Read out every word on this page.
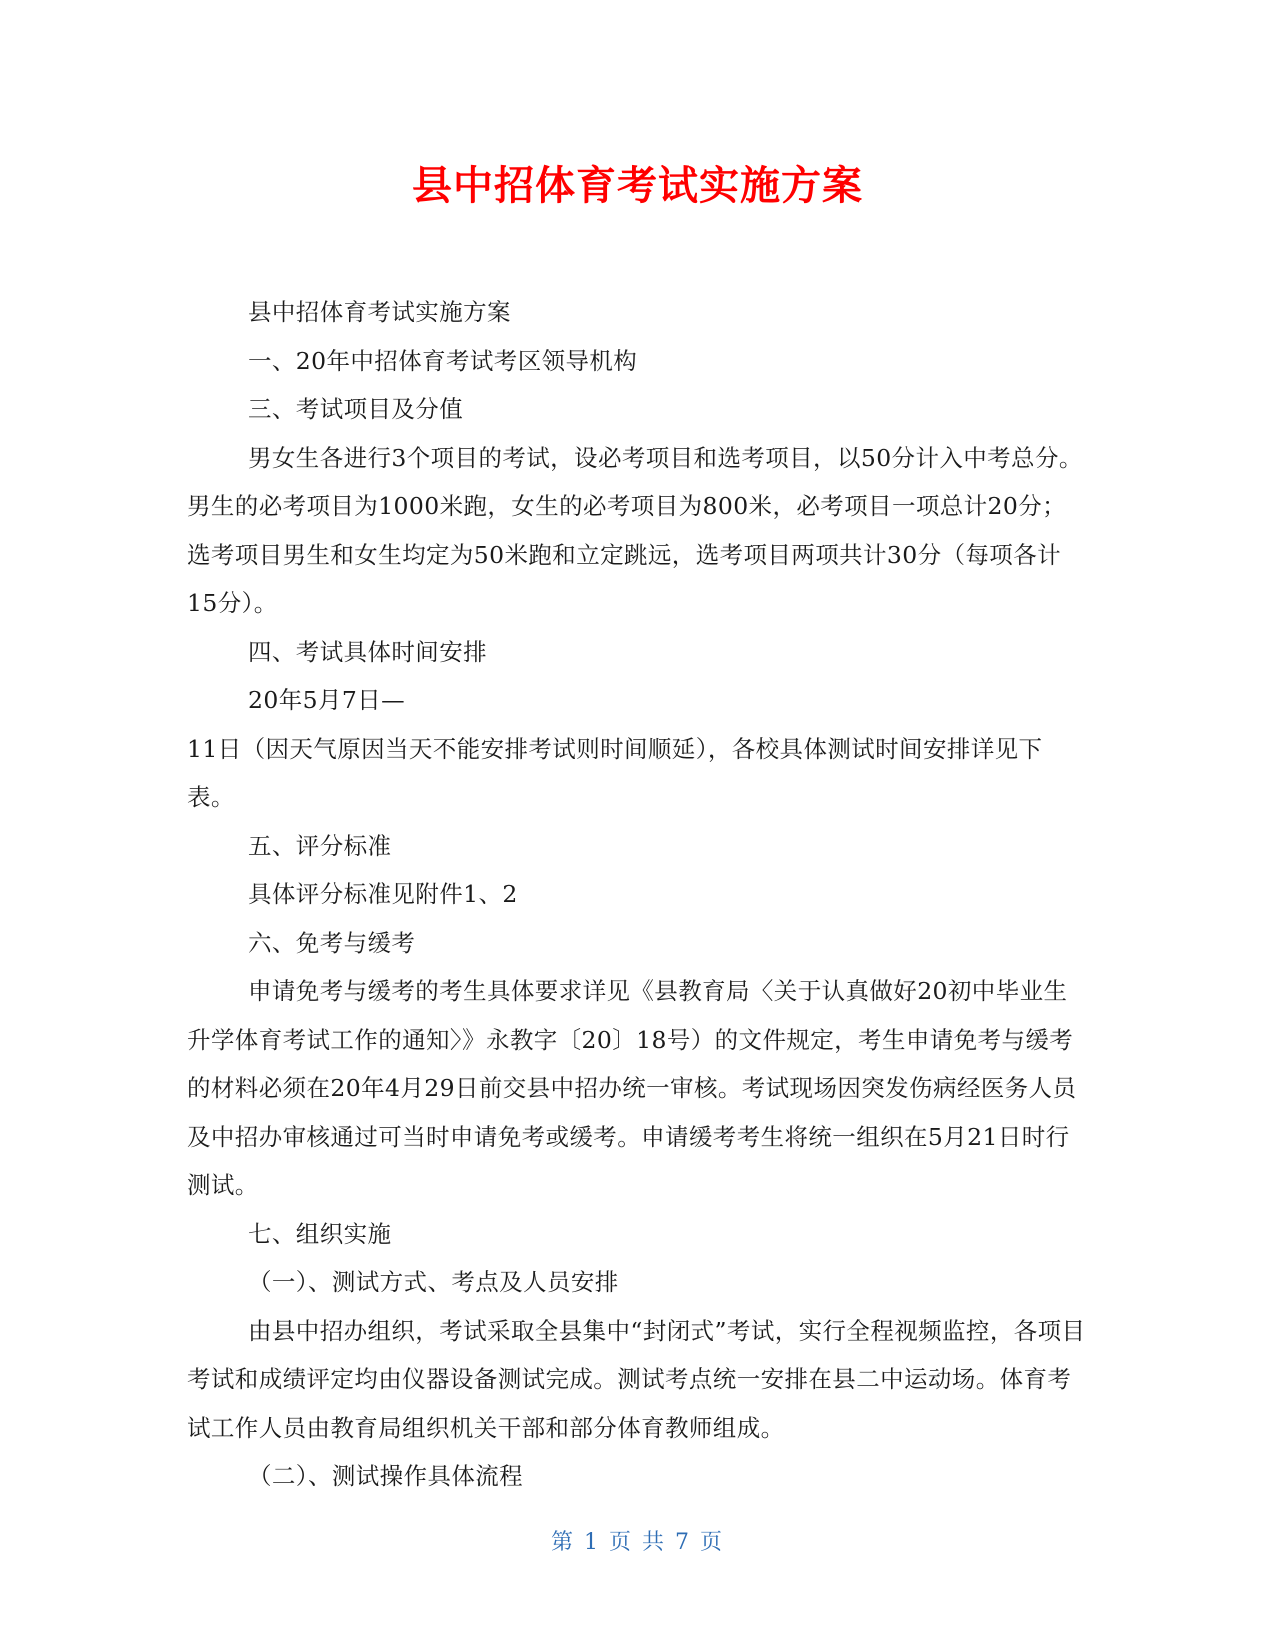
县中招体育考试实施方案

县中招体育考试实施方案

一、20年中招体育考试考区领导机构

三、考试项目及分值

男女生各进行3个项目的考试，设必考项目和选考项目，以50分计入中考总分。男生的必考项目为1000米跑，女生的必考项目为800米，必考项目一项总计20分；选考项目男生和女生均定为50米跑和立定跳远，选考项目两项共计30分（每项各计15分）。

四、考试具体时间安排

20年5月7日—

11日（因天气原因当天不能安排考试则时间顺延），各校具体测试时间安排详见下表。

五、评分标准

具体评分标准见附件1、2

六、免考与缓考

申请免考与缓考的考生具体要求详见《县教育局〈关于认真做好20初中毕业生升学体育考试工作的通知〉》永教字〔20〕18号）的文件规定，考生申请免考与缓考的材料必须在20年4月29日前交县中招办统一审核。考试现场因突发伤病经医务人员及中招办审核通过可当时申请免考或缓考。申请缓考考生将统一组织在5月21日时行测试。

七、组织实施

（一）、测试方式、考点及人员安排

由县中招办组织，考试采取全县集中“封闭式”考试，实行全程视频监控，各项目考试和成绩评定均由仪器设备测试完成。测试考点统一安排在县二中运动场。体育考试工作人员由教育局组织机关干部和部分体育教师组成。

（二）、测试操作具体流程

第 1 页 共 7 页
